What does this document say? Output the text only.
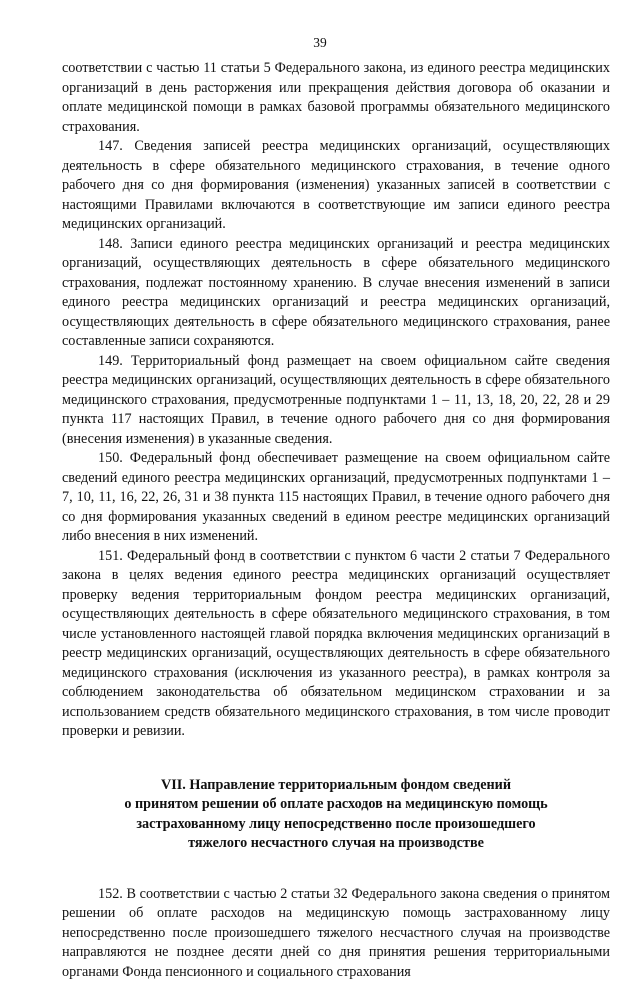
39

соответствии с частью 11 статьи 5 Федерального закона, из единого реестра медицинских организаций в день расторжения или прекращения действия договора об оказании и оплате медицинской помощи в рамках базовой программы обязательного медицинского страхования.

147. Сведения записей реестра медицинских организаций, осуществляющих деятельность в сфере обязательного медицинского страхования, в течение одного рабочего дня со дня формирования (изменения) указанных записей в соответствии с настоящими Правилами включаются в соответствующие им записи единого реестра медицинских организаций.

148. Записи единого реестра медицинских организаций и реестра медицинских организаций, осуществляющих деятельность в сфере обязательного медицинского страхования, подлежат постоянному хранению. В случае внесения изменений в записи единого реестра медицинских организаций и реестра медицинских организаций, осуществляющих деятельность в сфере обязательного медицинского страхования, ранее составленные записи сохраняются.

149. Территориальный фонд размещает на своем официальном сайте сведения реестра медицинских организаций, осуществляющих деятельность в сфере обязательного медицинского страхования, предусмотренные подпунктами 1 – 11, 13, 18, 20, 22, 28 и 29 пункта 117 настоящих Правил, в течение одного рабочего дня со дня формирования (внесения изменения) в указанные сведения.

150. Федеральный фонд обеспечивает размещение на своем официальном сайте сведений единого реестра медицинских организаций, предусмотренных подпунктами 1 – 7, 10, 11, 16, 22, 26, 31 и 38 пункта 115 настоящих Правил, в течение одного рабочего дня со дня формирования указанных сведений в едином реестре медицинских организаций либо внесения в них изменений.

151. Федеральный фонд в соответствии с пунктом 6 части 2 статьи 7 Федерального закона в целях ведения единого реестра медицинских организаций осуществляет проверку ведения территориальным фондом реестра медицинских организаций, осуществляющих деятельность в сфере обязательного медицинского страхования, в том числе установленного настоящей главой порядка включения медицинских организаций в реестр медицинских организаций, осуществляющих деятельность в сфере обязательного медицинского страхования (исключения из указанного реестра), в рамках контроля за соблюдением законодательства об обязательном медицинском страховании и за использованием средств обязательного медицинского страхования, в том числе проводит проверки и ревизии.

VII. Направление территориальным фондом сведений
о принятом решении об оплате расходов на медицинскую помощь
застрахованному лицу непосредственно после произошедшего
тяжелого несчастного случая на производстве

152. В соответствии с частью 2 статьи 32 Федерального закона сведения о принятом решении об оплате расходов на медицинскую помощь застрахованному лицу непосредственно после произошедшего тяжелого несчастного случая на производстве направляются не позднее десяти дней со дня принятия решения территориальными органами Фонда пенсионного и социального страхования
